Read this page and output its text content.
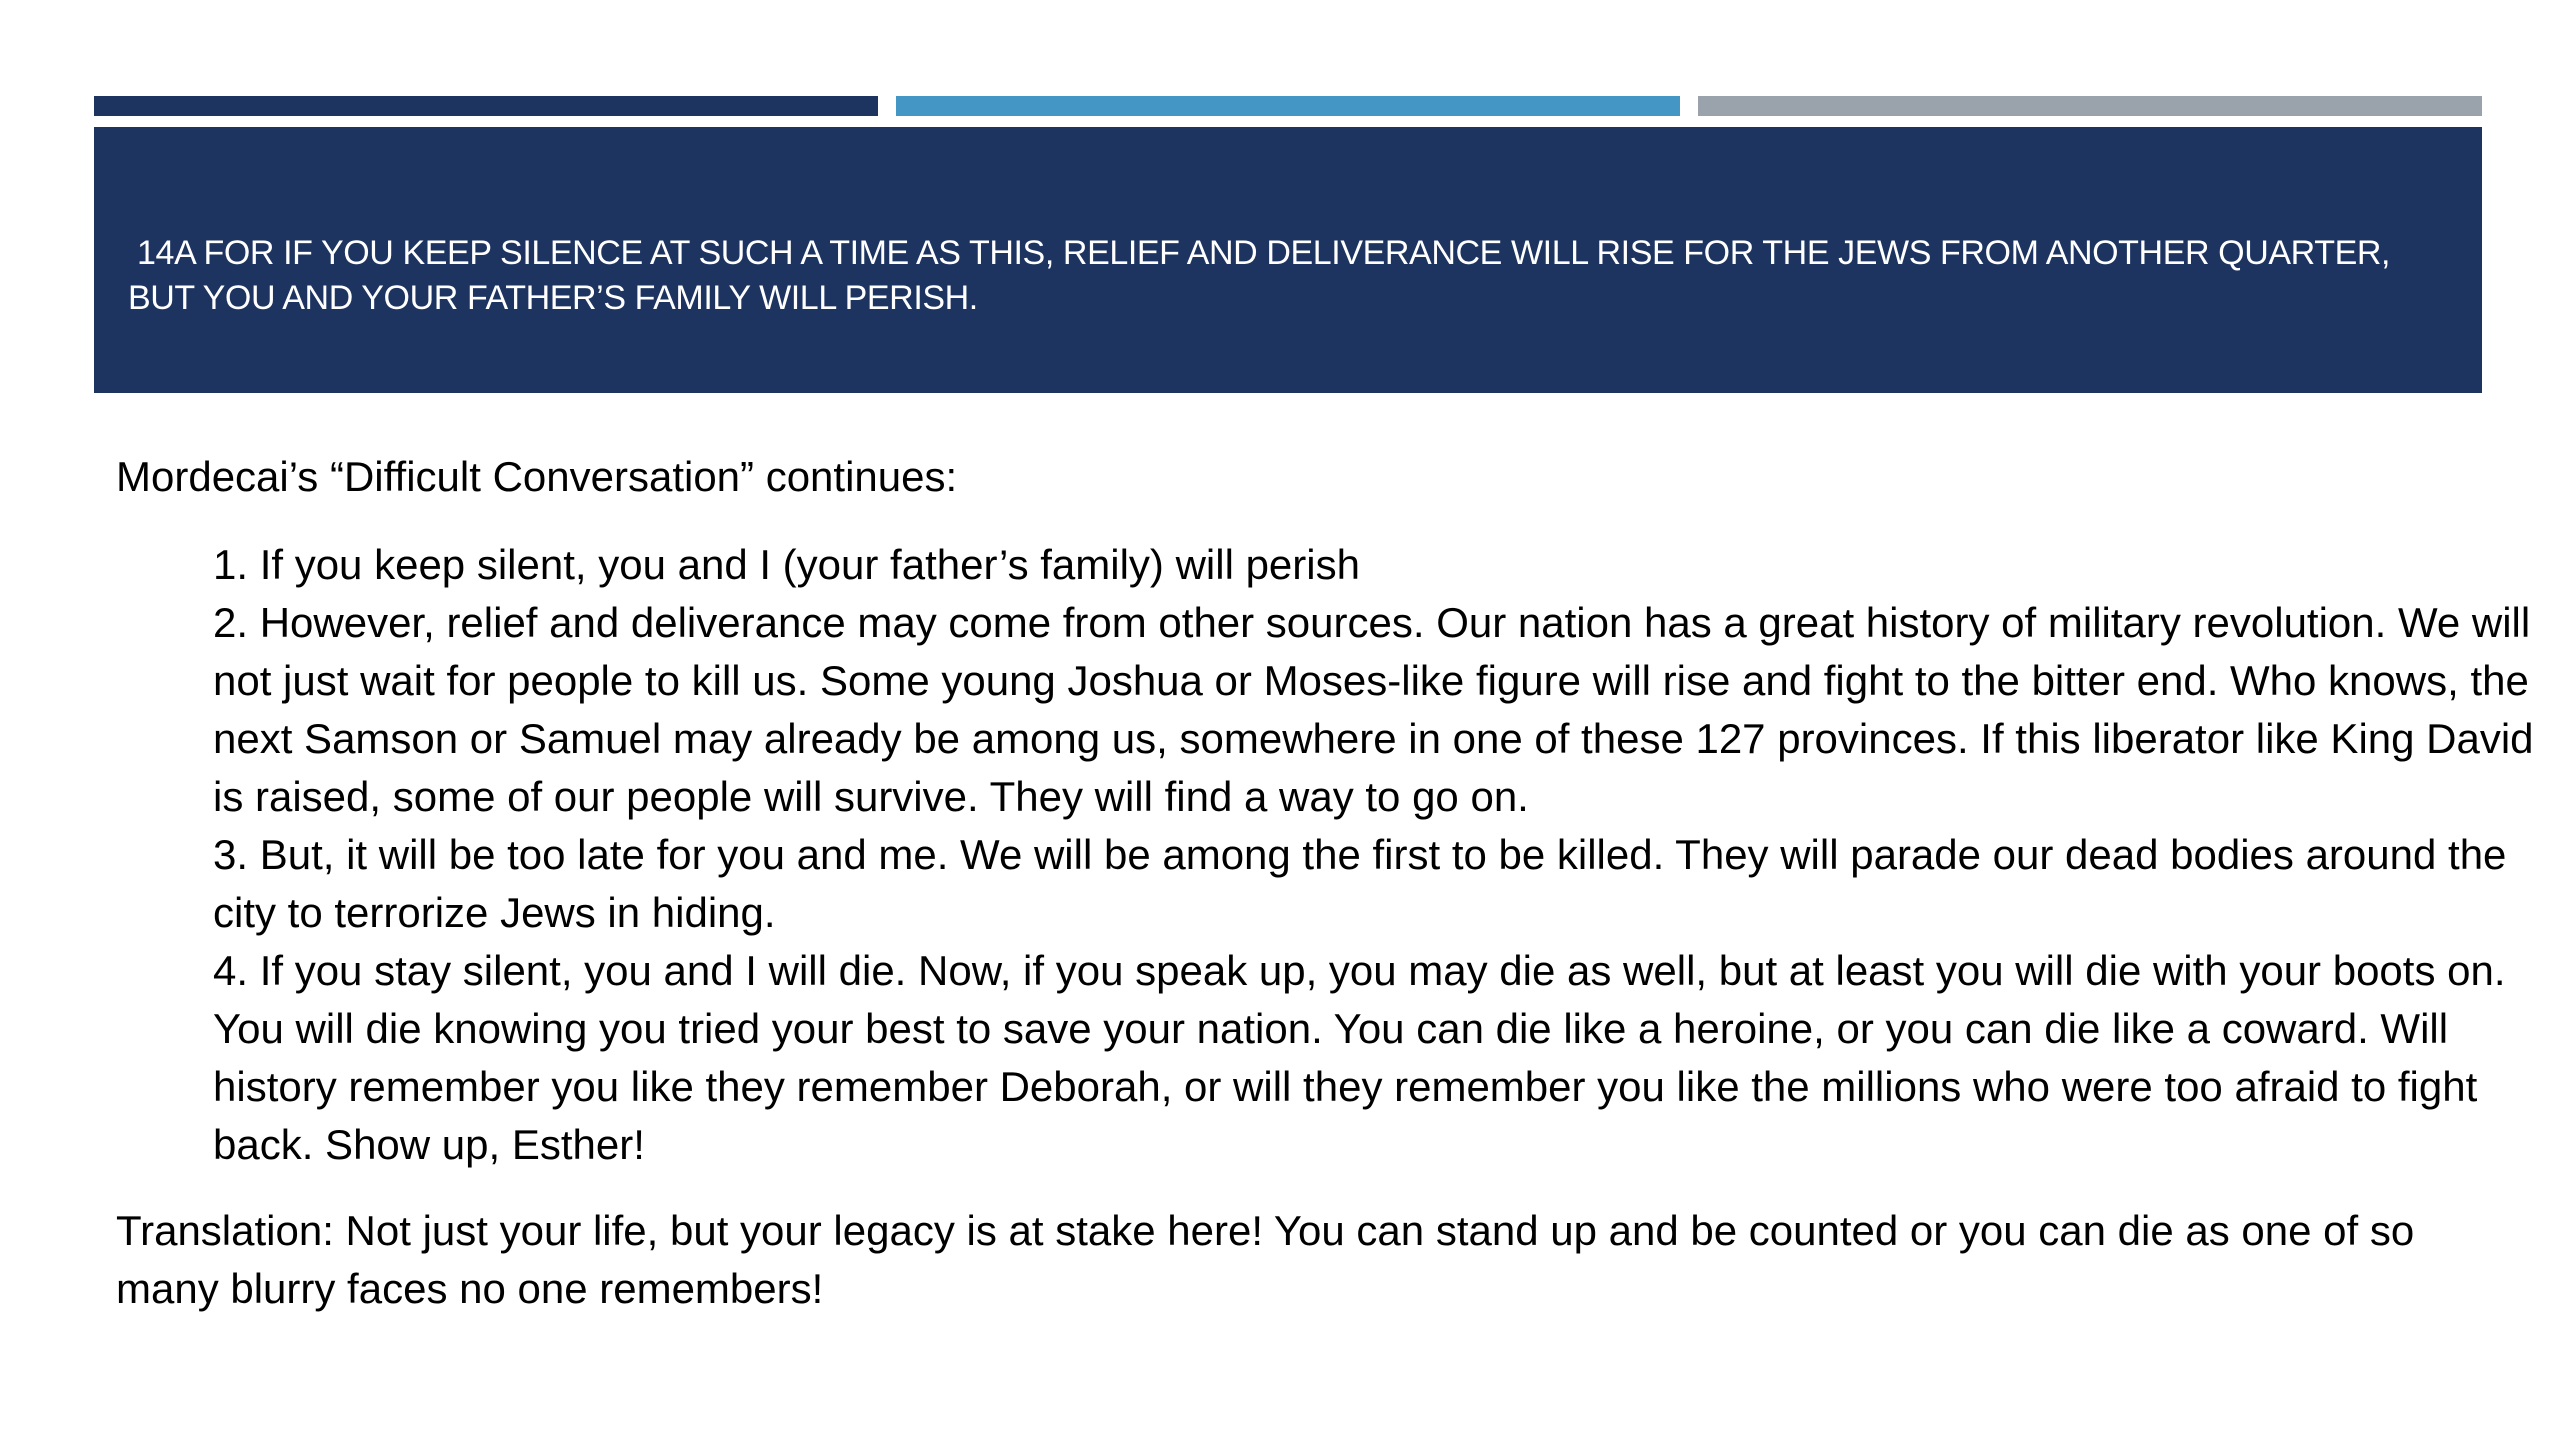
14A FOR IF YOU KEEP SILENCE AT SUCH A TIME AS THIS, RELIEF AND DELIVERANCE WILL RISE FOR THE JEWS FROM ANOTHER QUARTER, BUT YOU AND YOUR FATHER’S FAMILY WILL PERISH.

Mordecai’s “Difficult Conversation” continues:

1. If you keep silent, you and I (your father’s family) will perish
2. However, relief and deliverance may come from other sources. Our nation has a great history of military revolution. We will not just wait for people to kill us. Some young Joshua or Moses-like figure will rise and fight to the bitter end. Who knows, the next Samson or Samuel may already be among us, somewhere in one of these 127 provinces. If this liberator like King David is raised, some of our people will survive. They will find a way to go on.
3. But, it will be too late for you and me. We will be among the first to be killed. They will parade our dead bodies around the city to terrorize Jews in hiding.
4. If you stay silent, you and I will die. Now, if you speak up, you may die as well, but at least you will die with your boots on. You will die knowing you tried your best to save your nation. You can die like a heroine, or you can die like a coward. Will history remember you like they remember Deborah, or will they remember you like the millions who were too afraid to fight back. Show up, Esther!

Translation: Not just your life, but your legacy is at stake here! You can stand up and be counted or you can die as one of so many blurry faces no one remembers!
